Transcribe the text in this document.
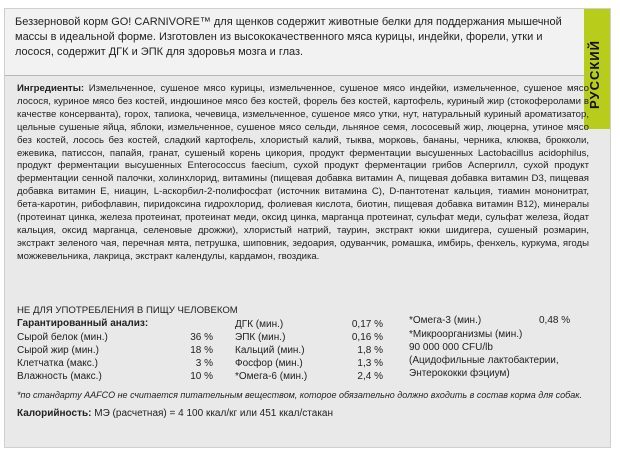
Беззерновой корм GO! CARNIVORE™ для щенков содержит животные белки для поддержания мышечной массы в идеальной форме. Изготовлен из высококачественного мяса курицы, индейки, форели, утки и лосося, содержит ДГК и ЭПК для здоровья мозга и глаз.	РУССКИЙ
Ингредиенты: Измельченное, сушеное мясо курицы, измельченное, сушеное мясо индейки, измельченное, сушеное мясо лосося, куриное мясо без костей, индюшиное мясо без костей, форель без костей, картофель, куриный жир (стокоферолами в качестве консерванта), горох, тапиока, чечевица, измельченное, сушеное мясо утки, нут, натуральный куриный ароматизатор, цельные сушеные яйца, яблоки, измельченное, сушеное мясо сельди, льняное семя, лососевый жир, люцерна, утиное мясо без костей, лосось без костей, сладкий картофель, хлористый калий, тыква, морковь, бананы, черника, клюква, брокколи, ежевика, патиссон, папайя, гранат, сушеный корень цикория, продукт ферментации высушенных Lactobacillus acidophilus, продукт ферментации высушенных Enterococcus faecium, сухой продукт ферментации грибов Аспергилл, сухой продукт ферментации сенной палочки, холинхлорид, витамины (пищевая добавка витамин А, пищевая добавка витамин D3, пищевая добавка витамин Е, ниацин, L-аскорбил-2-полифосфат (источник витамина С), D-пантотенат кальция, тиамин мононитрат, бета-каротин, рибофлавин, пиридоксина гидрохлорид, фолиевая кислота, биотин, пищевая добавка витамин В12), минералы (протеинат цинка, железа протеинат, протеинат меди, оксид цинка, марганца протеинат, сульфат меди, сульфат железа, йодат кальция, оксид марганца, селеновые дрожжи), хлористый натрий, таурин, экстракт юкки шидигера, сушеный розмарин, экстракт зеленого чая, перечная мята, петрушка, шиповник, зедоария, одуванчик, ромашка, имбирь, фенхель, куркума, ягоды можжевельника, лакрица, экстракт календулы, кардамон, гвоздика.
НЕ ДЛЯ УПОТРЕБЛЕНИЯ В ПИЩУ ЧЕЛОВЕКОМ
Гарантированный анализ:
Сырой белок (мин.)	36 %
Сырой жир (мин.)	18 %
Клетчатка (макс.)	3 %
Влажность (макс.)	10 %
ДГК (мин.)	0,17 %
ЭПК (мин.)	0,16 %
Кальций (мин.)	1,8 %
Фосфор (мин.)	1,3 %
*Омега-6 (мин.)	2,4 %
*Омега-3 (мин.)	0,48 %
*Микроорганизмы (мин.)
90 000 000 CFU/lb
(Ацидофильные лактобактерии,
Энтерококки фэциум)
*по стандарту AAFCO не считается питательным веществом, которое обязательно должно входить в состав корма для собак.
Калорийность: МЭ (расчетная) = 4 100 ккал/кг или 451 ккал/стакан
